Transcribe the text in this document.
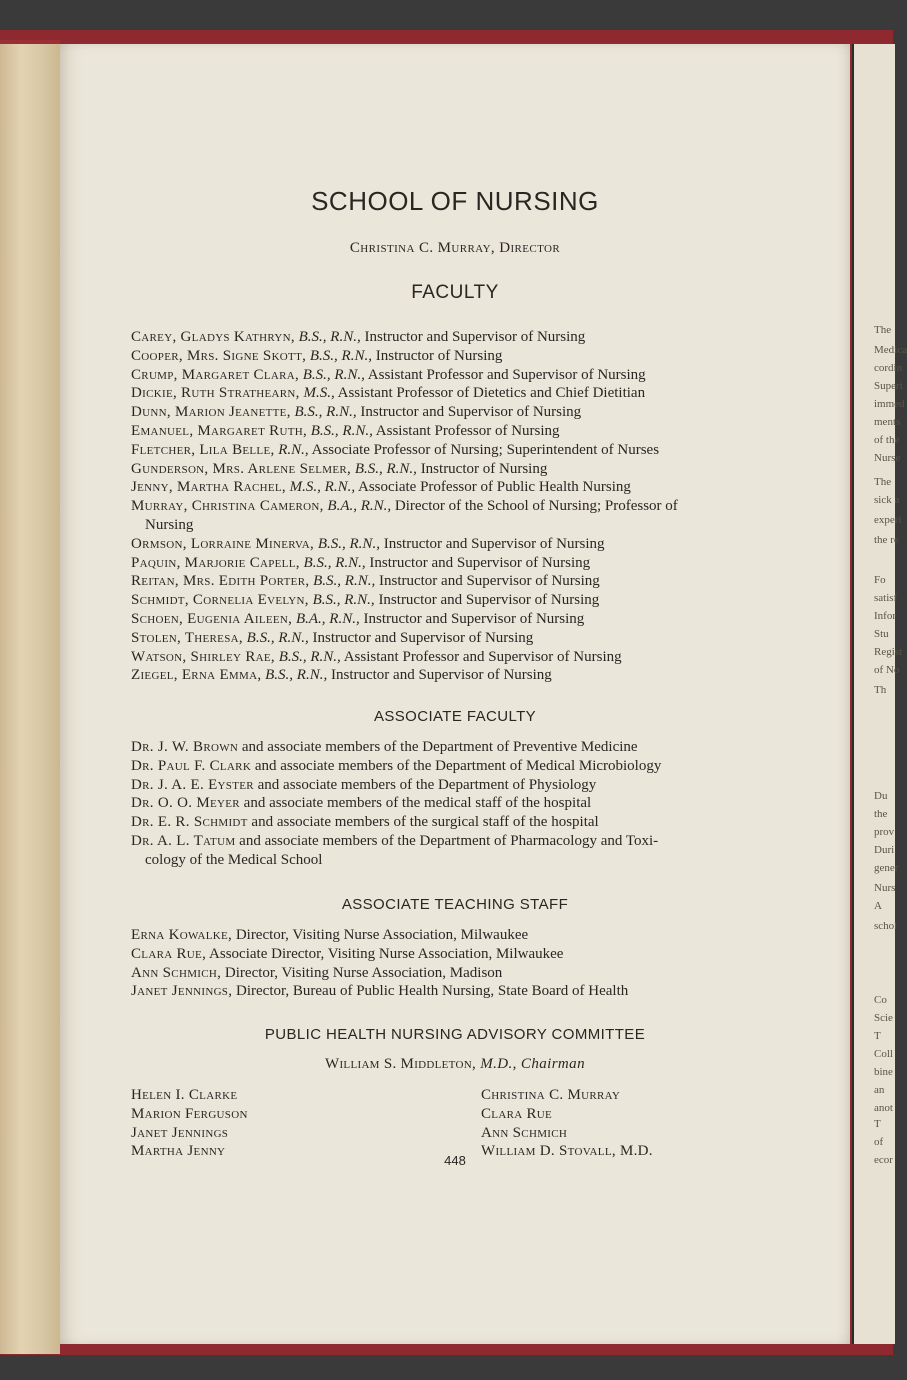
SCHOOL OF NURSING
Christina C. Murray, Director
FACULTY
Carey, Gladys Kathryn, B.S., R.N., Instructor and Supervisor of Nursing
Cooper, Mrs. Signe Skott, B.S., R.N., Instructor of Nursing
Crump, Margaret Clara, B.S., R.N., Assistant Professor and Supervisor of Nursing
Dickie, Ruth Strathearn, M.S., Assistant Professor of Dietetics and Chief Dietitian
Dunn, Marion Jeanette, B.S., R.N., Instructor and Supervisor of Nursing
Emanuel, Margaret Ruth, B.S., R.N., Assistant Professor of Nursing
Fletcher, Lila Belle, R.N., Associate Professor of Nursing; Superintendent of Nurses
Gunderson, Mrs. Arlene Selmer, B.S., R.N., Instructor of Nursing
Jenny, Martha Rachel, M.S., R.N., Associate Professor of Public Health Nursing
Murray, Christina Cameron, B.A., R.N., Director of the School of Nursing; Professor of
Nursing
Ormson, Lorraine Minerva, B.S., R.N., Instructor and Supervisor of Nursing
Paquin, Marjorie Capell, B.S., R.N., Instructor and Supervisor of Nursing
Reitan, Mrs. Edith Porter, B.S., R.N., Instructor and Supervisor of Nursing
Schmidt, Cornelia Evelyn, B.S., R.N., Instructor and Supervisor of Nursing
Schoen, Eugenia Aileen, B.A., R.N., Instructor and Supervisor of Nursing
Stolen, Theresa, B.S., R.N., Instructor and Supervisor of Nursing
Watson, Shirley Rae, B.S., R.N., Assistant Professor and Supervisor of Nursing
Ziegel, Erna Emma, B.S., R.N., Instructor and Supervisor of Nursing
ASSOCIATE FACULTY
Dr. J. W. Brown and associate members of the Department of Preventive Medicine
Dr. Paul F. Clark and associate members of the Department of Medical Microbiology
Dr. J. A. E. Eyster and associate members of the Department of Physiology
Dr. O. O. Meyer and associate members of the medical staff of the hospital
Dr. E. R. Schmidt and associate members of the surgical staff of the hospital
Dr. A. L. Tatum and associate members of the Department of Pharmacology and Toxi-
cology of the Medical School
ASSOCIATE TEACHING STAFF
Erna Kowalke, Director, Visiting Nurse Association, Milwaukee
Clara Rue, Associate Director, Visiting Nurse Association, Milwaukee
Ann Schmich, Director, Visiting Nurse Association, Madison
Janet Jennings, Director, Bureau of Public Health Nursing, State Board of Health
PUBLIC HEALTH NURSING ADVISORY COMMITTEE
William S. Middleton, M.D., Chairman
Helen I. Clarke
Marion Ferguson
Janet Jennings
Martha Jenny
Christina C. Murray
Clara Rue
Ann Schmich
William D. Stovall, M.D.
448
The
Medica
cordin
Superi
immed
ments
of the
Nurse
The
sick a
experi
the re
Fo
satisf
Infor
Stu
Regist
of No
Th
Du
the
prov
Duri
gener
Nurs
A
schol
Co
Scie
T
Coll
bine
an
anot
T
of
ecor
